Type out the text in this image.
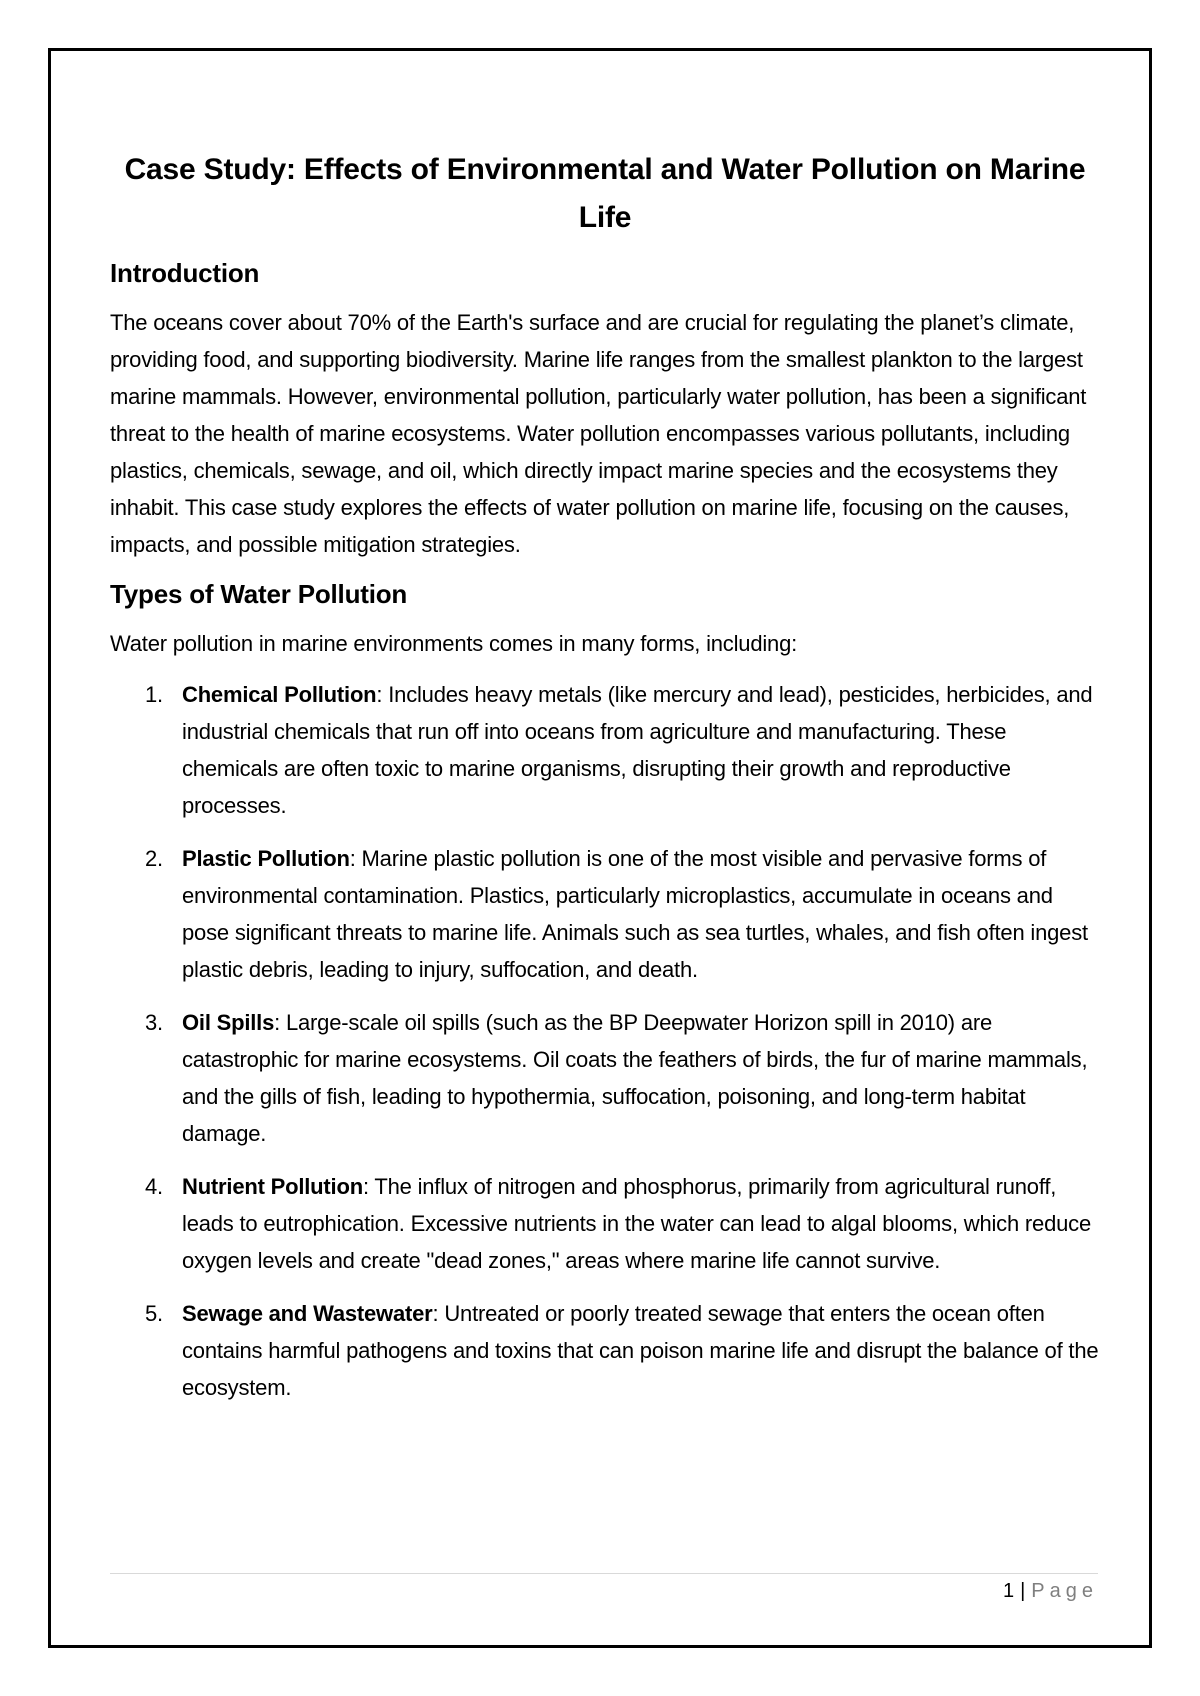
Case Study: Effects of Environmental and Water Pollution on Marine Life
Introduction

The oceans cover about 70% of the Earth's surface and are crucial for regulating the planet’s climate, providing food, and supporting biodiversity. Marine life ranges from the smallest plankton to the largest marine mammals. However, environmental pollution, particularly water pollution, has been a significant threat to the health of marine ecosystems. Water pollution encompasses various pollutants, including plastics, chemicals, sewage, and oil, which directly impact marine species and the ecosystems they inhabit. This case study explores the effects of water pollution on marine life, focusing on the causes, impacts, and possible mitigation strategies.

Types of Water Pollution

Water pollution in marine environments comes in many forms, including:

1. Chemical Pollution: Includes heavy metals (like mercury and lead), pesticides, herbicides, and industrial chemicals that run off into oceans from agriculture and manufacturing. These chemicals are often toxic to marine organisms, disrupting their growth and reproductive processes.
2. Plastic Pollution: Marine plastic pollution is one of the most visible and pervasive forms of environmental contamination. Plastics, particularly microplastics, accumulate in oceans and pose significant threats to marine life. Animals such as sea turtles, whales, and fish often ingest plastic debris, leading to injury, suffocation, and death.
3. Oil Spills: Large-scale oil spills (such as the BP Deepwater Horizon spill in 2010) are catastrophic for marine ecosystems. Oil coats the feathers of birds, the fur of marine mammals, and the gills of fish, leading to hypothermia, suffocation, poisoning, and long-term habitat damage.
4. Nutrient Pollution: The influx of nitrogen and phosphorus, primarily from agricultural runoff, leads to eutrophication. Excessive nutrients in the water can lead to algal blooms, which reduce oxygen levels and create "dead zones," areas where marine life cannot survive.
5. Sewage and Wastewater: Untreated or poorly treated sewage that enters the ocean often contains harmful pathogens and toxins that can poison marine life and disrupt the balance of the ecosystem.
1 | Page
